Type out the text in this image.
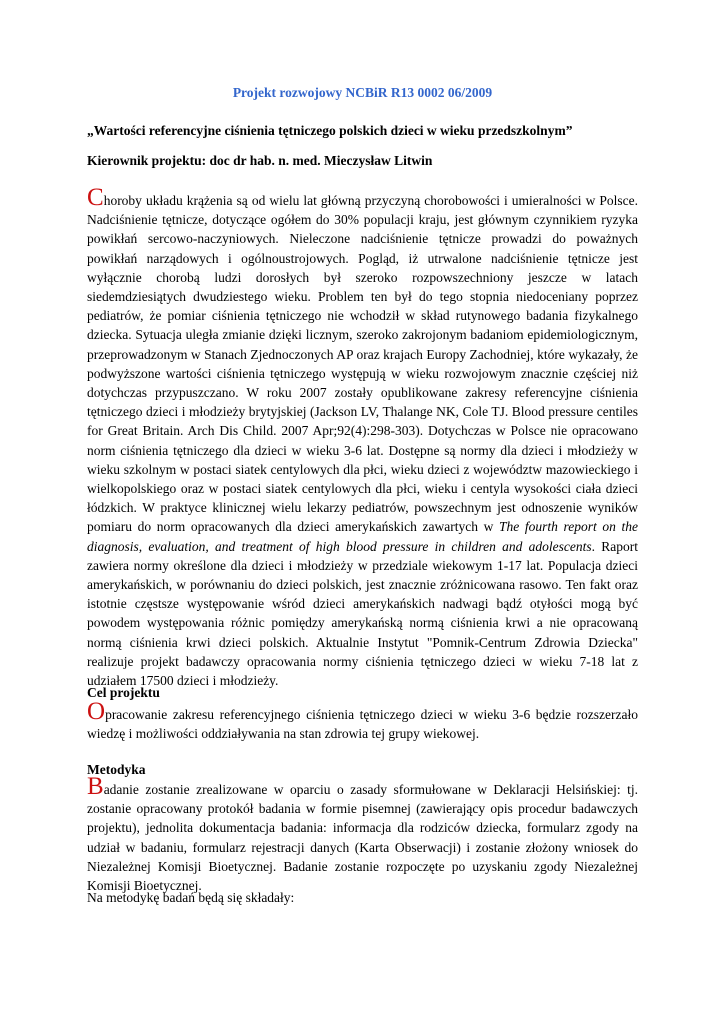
Projekt rozwojowy NCBiR R13 0002 06/2009

„Wartości referencyjne ciśnienia tętniczego polskich dzieci w wieku przedszkolnym”

Kierownik projektu: doc dr hab. n. med. Mieczysław Litwin

Choroby układu krążenia są od wielu lat główną przyczyną chorobowości i umieralności w Polsce. Nadciśnienie tętnicze, dotyczące ogółem do 30% populacji kraju, jest głównym czynnikiem ryzyka powikłań sercowo-naczyniowych. Nieleczone nadciśnienie tętnicze prowadzi do poważnych powikłań narządowych i ogólnoustrojowych. Pogląd, iż utrwalone nadciśnienie tętnicze jest wyłącznie chorobą ludzi dorosłych był szeroko rozpowszechniony jeszcze w latach siedemdziesiątych dwudziestego wieku. Problem ten był do tego stopnia niedoceniany poprzez pediatrów, że pomiar ciśnienia tętniczego nie wchodził w skład rutynowego badania fizykalnego dziecka. Sytuacja uległa zmianie dzięki licznym, szeroko zakrojonym badaniom epidemiologicznym, przeprowadzonym w Stanach Zjednoczonych AP oraz krajach Europy Zachodniej, które wykazały, że podwyższone wartości ciśnienia tętniczego występują w wieku rozwojowym znacznie częściej niż dotychczas przypuszczano. W roku 2007 zostały opublikowane zakresy referencyjne ciśnienia tętniczego dzieci i młodzieży brytyjskiej (Jackson LV, Thalange NK, Cole TJ. Blood pressure centiles for Great Britain. Arch Dis Child. 2007 Apr;92(4):298-303). Dotychczas w Polsce nie opracowano norm ciśnienia tętniczego dla dzieci w wieku 3-6 lat. Dostępne są normy dla dzieci i młodzieży w wieku szkolnym w postaci siatek centylowych dla płci, wieku dzieci z województw mazowieckiego i wielkopolskiego oraz w postaci siatek centylowych dla płci, wieku i centyla wysokości ciała dzieci łódzkich. W praktyce klinicznej wielu lekarzy pediatrów, powszechnym jest odnoszenie wyników pomiaru do norm opracowanych dla dzieci amerykańskich zawartych w The fourth report on the diagnosis, evaluation, and treatment of high blood pressure in children and adolescents. Raport zawiera normy określone dla dzieci i młodzieży w przedziale wiekowym 1-17 lat. Populacja dzieci amerykańskich, w porównaniu do dzieci polskich, jest znacznie zróżnicowana rasowo. Ten fakt oraz istotnie częstsze występowanie wśród dzieci amerykańskich nadwagi bądź otyłości mogą być powodem występowania różnic pomiędzy amerykańską normą ciśnienia krwi a nie opracowaną normą ciśnienia krwi dzieci polskich. Aktualnie Instytut "Pomnik-Centrum Zdrowia Dziecka" realizuje projekt badawczy opracowania normy ciśnienia tętniczego dzieci w wieku 7-18 lat z udziałem 17500 dzieci i młodzieży.

Cel projektu

Opracowanie zakresu referencyjnego ciśnienia tętniczego dzieci w wieku 3-6 będzie rozszerzało wiedzę i możliwości oddziaływania na stan zdrowia tej grupy wiekowej.

Metodyka

Badanie zostanie zrealizowane w oparciu o zasady sformułowane w Deklaracji Helsińskiej: tj. zostanie opracowany protokół badania w formie pisemnej (zawierający opis procedur badawczych projektu), jednolita dokumentacja badania: informacja dla rodziców dziecka, formularz zgody na udział w badaniu, formularz rejestracji danych (Karta Obserwacji) i zostanie złożony wniosek do Niezależnej Komisji Bioetycznej. Badanie zostanie rozpoczęte po uzyskaniu zgody Niezależnej Komisji Bioetycznej.

Na metodykę badań będą się składały:
